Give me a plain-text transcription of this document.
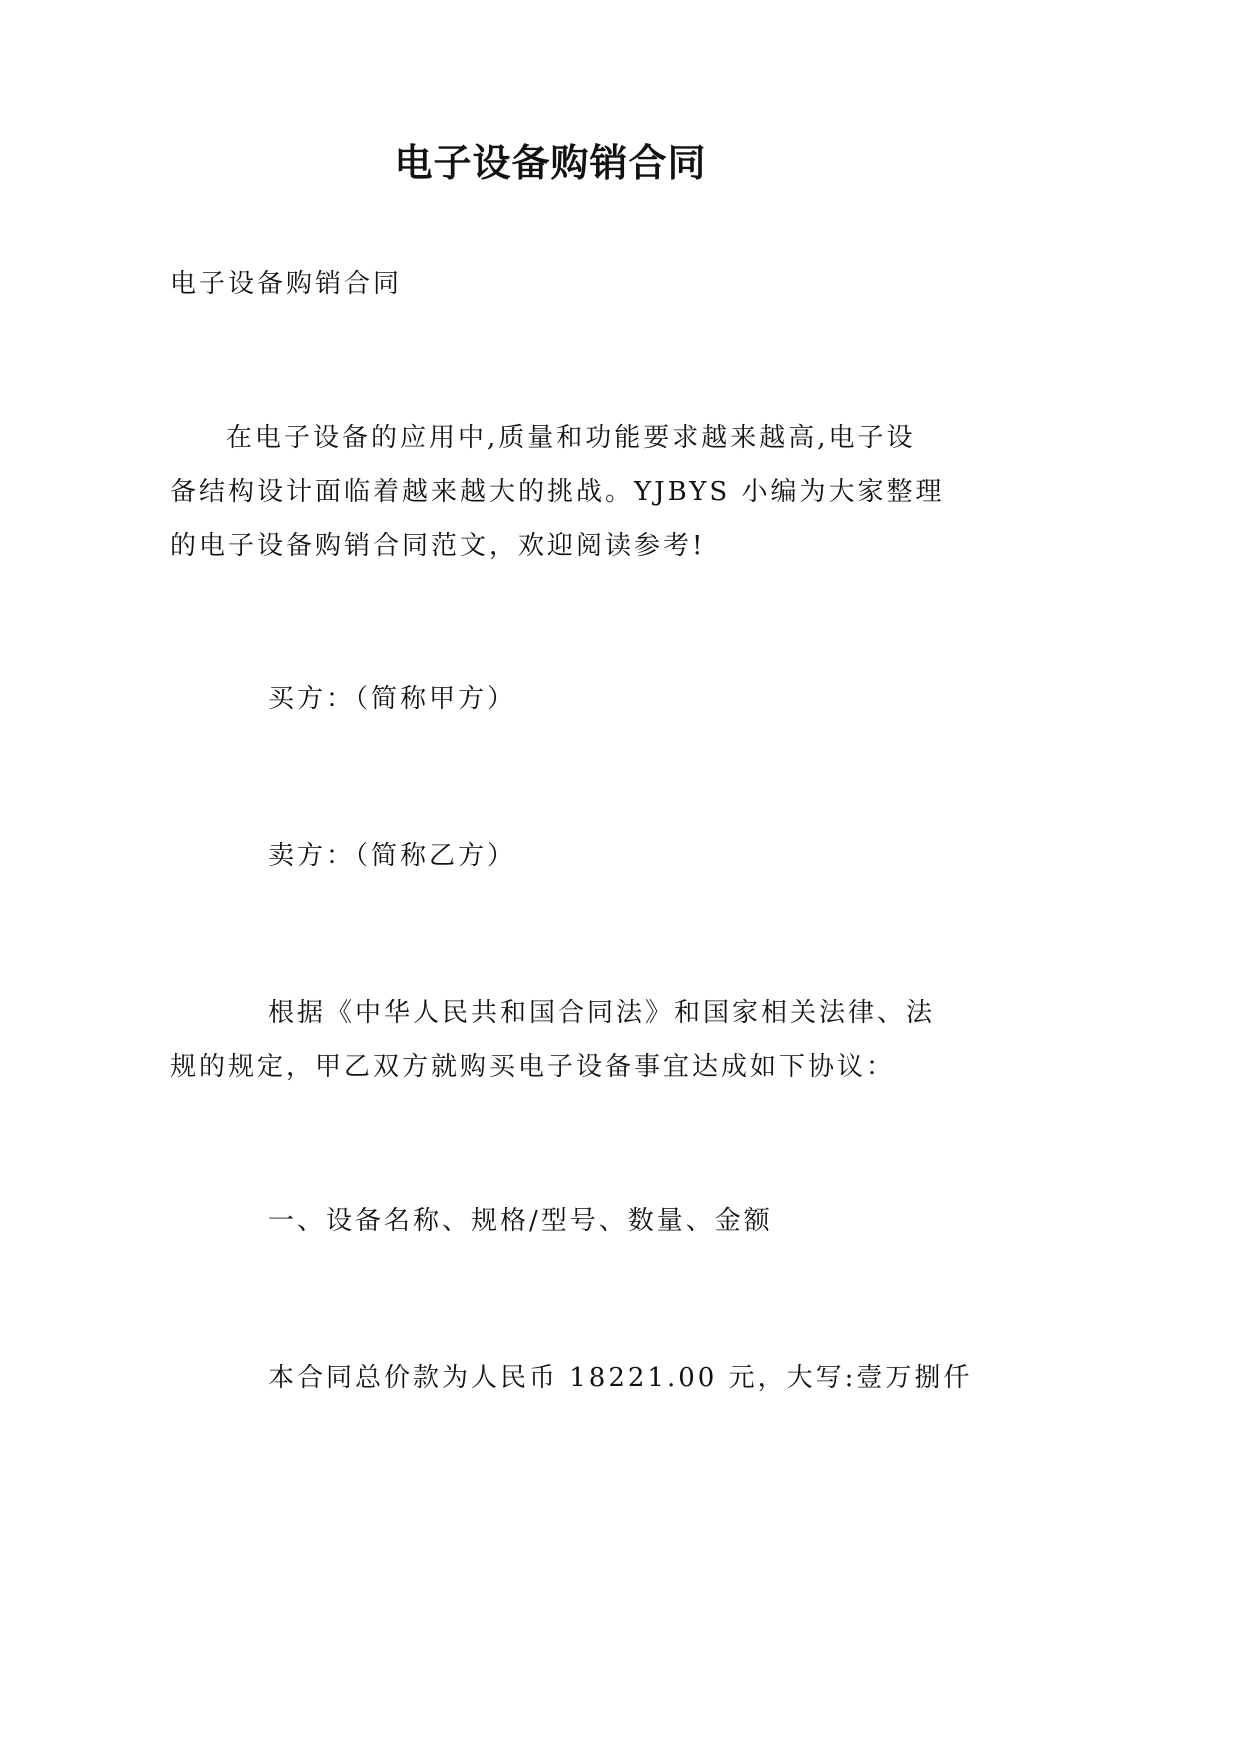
电子设备购销合同

电子设备购销合同

在电子设备的应用中,质量和功能要求越来越高,电子设
备结构设计面临着越来越大的挑战。YJBYS 小编为大家整理
的电子设备购销合同范文，欢迎阅读参考!

买方：（简称甲方）

卖方：（简称乙方）

根据《中华人民共和国合同法》和国家相关法律、法
规的规定，甲乙双方就购买电子设备事宜达成如下协议：

一、设备名称、规格/型号、数量、金额

本合同总价款为人民币 18221.00 元，大写:壹万捌仟
